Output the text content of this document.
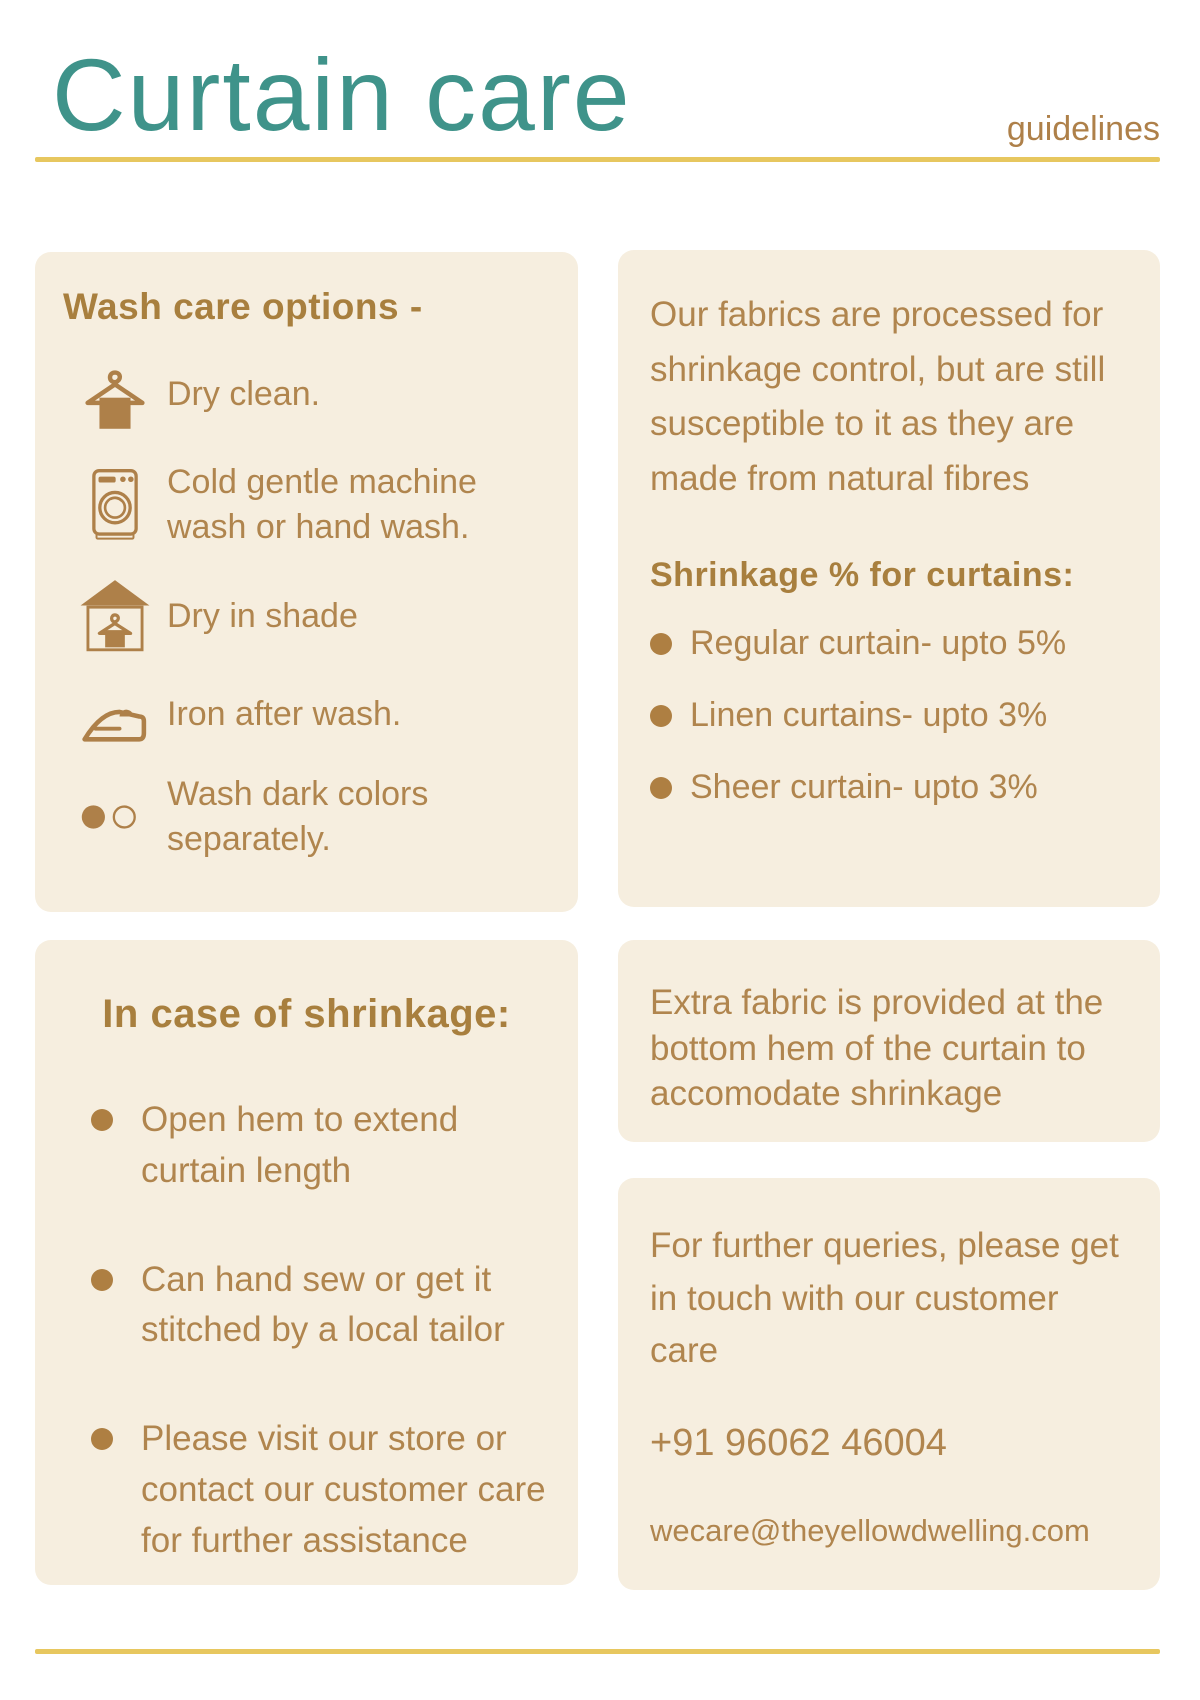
Curtain care	guidelines
Wash care options -
Dry clean.
Cold gentle machine wash or hand wash.
Dry in shade
Iron after wash.
Wash dark colors separately.
Our fabrics are processed for shrinkage control, but are still susceptible to it as they are made from natural fibres
Shrinkage % for curtains:
Regular curtain- upto 5%
Linen curtains- upto 3%
Sheer curtain- upto 3%
In case of shrinkage:
Open hem to extend curtain length
Can hand sew or get it stitched by a local tailor
Please visit our store or contact our customer care for further assistance
Extra fabric is provided at the bottom hem of the curtain to accomodate shrinkage
For further queries, please get in touch with our customer care
+91 96062 46004
wecare@theyellowdwelling.com
